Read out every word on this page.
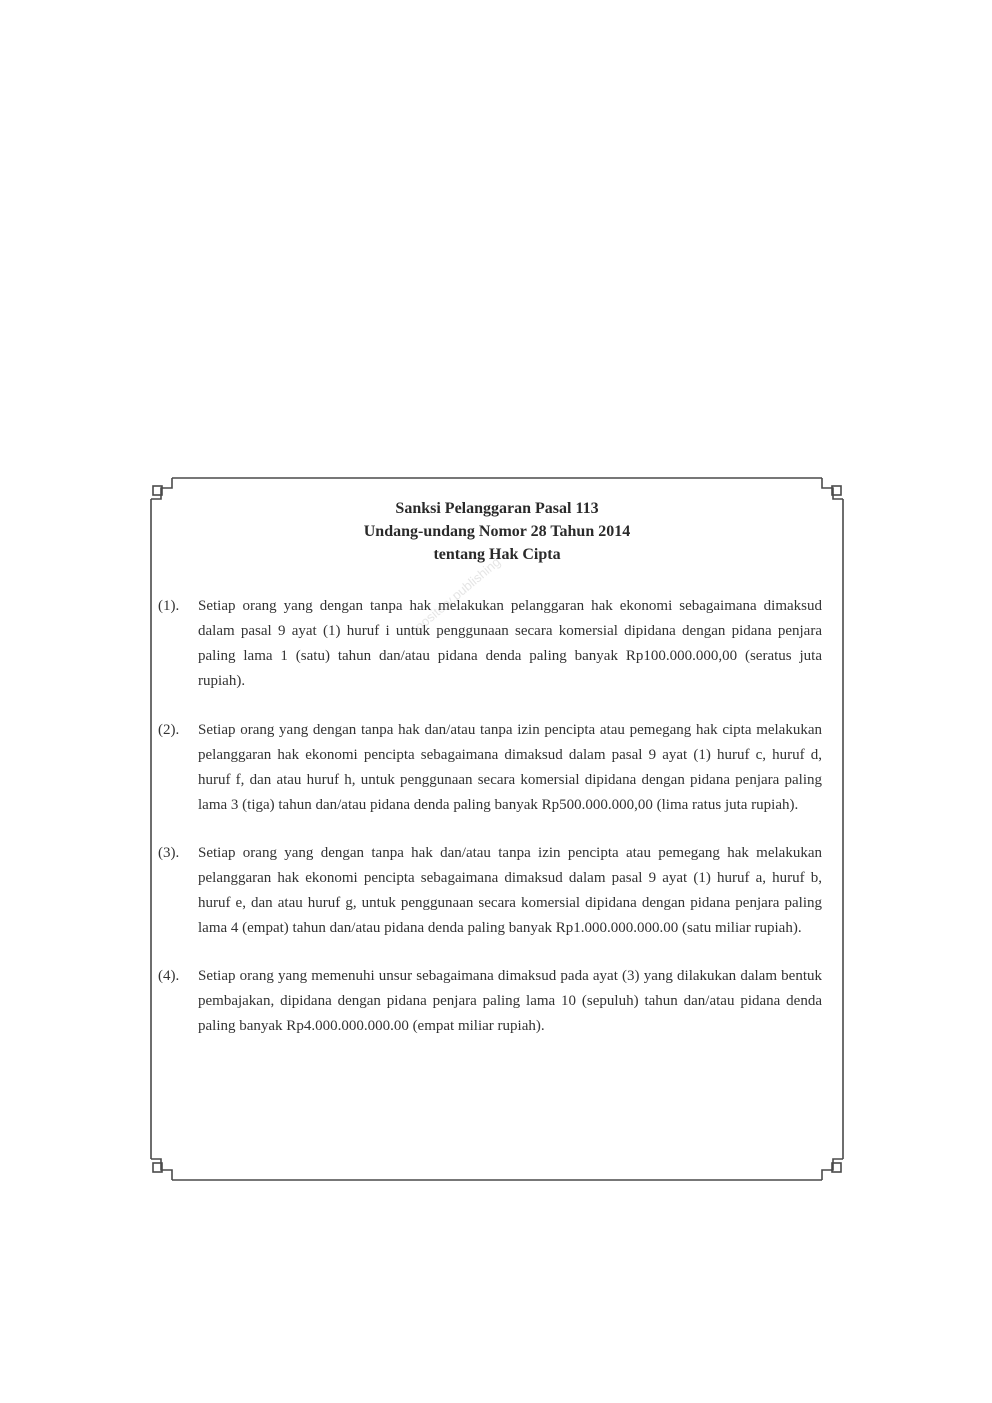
Sanksi Pelanggaran Pasal 113
Undang-undang Nomor 28 Tahun 2014
tentang Hak Cipta
repository.publishing
(1).	Setiap orang yang dengan tanpa hak melakukan pelanggaran hak ekonomi sebagaimana dimaksud dalam pasal 9 ayat (1) huruf i untuk penggunaan secara komersial dipidana dengan pidana penjara paling lama 1 (satu) tahun dan/atau pidana denda paling banyak Rp100.000.000,00 (seratus juta rupiah).
(2).	Setiap orang yang dengan tanpa hak dan/atau tanpa izin pencipta atau pemegang hak cipta melakukan pelanggaran hak ekonomi pencipta sebagaimana dimaksud dalam pasal 9 ayat (1) huruf c, huruf d, huruf f, dan atau huruf h, untuk penggunaan secara komersial dipidana dengan pidana penjara paling lama 3 (tiga) tahun dan/atau pidana denda paling banyak Rp500.000.000,00 (lima ratus juta rupiah).
(3).	Setiap orang yang dengan tanpa hak dan/atau tanpa izin pencipta atau pemegang hak melakukan pelanggaran hak ekonomi pencipta sebagaimana dimaksud dalam pasal 9 ayat (1) huruf a, huruf b, huruf e, dan atau huruf g, untuk penggunaan secara komersial dipidana dengan pidana penjara paling lama 4 (empat) tahun dan/atau pidana denda paling banyak Rp1.000.000.000.00 (satu miliar rupiah).
(4).	Setiap orang yang memenuhi unsur sebagaimana dimaksud pada ayat (3) yang dilakukan dalam bentuk pembajakan, dipidana dengan pidana penjara paling lama 10 (sepuluh) tahun dan/atau pidana denda paling banyak Rp4.000.000.000.00 (empat miliar rupiah).
